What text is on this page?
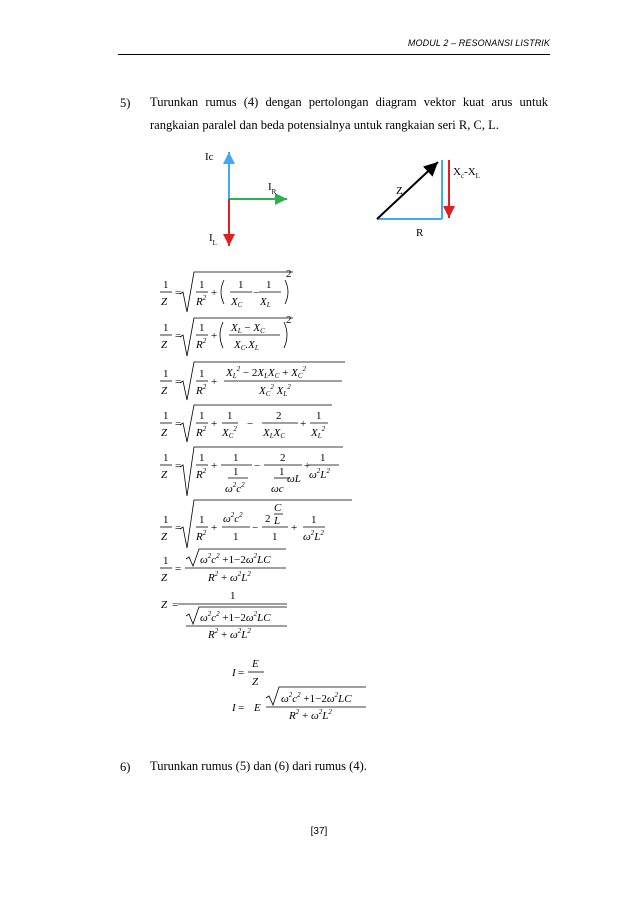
MODUL 2 – RESONANSI LISTRIK
5) Turunkan rumus (4) dengan pertolongan diagram vektor kuat arus untuk
rangkaian paralel dan beda potensialnya untuk rangkaian seri R, C, L.
Ic
$I_R$
$I_L$
Z
R
$X_c-X_L$
1
Z
=
1
$R^2$ +
1
XC
−
1
XL
2
1
Z
=
1
$R^2$ +
XL − XC
XC.XL
2
1
Z
=
1
$R^2$ +
$XL^2$ − 2XLXC + $XC^2$
$XC^2$ $XL^2$
1
Z
=
1
$R^2$ +
1
$XC^2$ −
2
XLXC
+
1
$XL^2$
1
Z
=
1
$R^2$ +
1
1
$\omega^2c^2$
−
2
1
ωc
ωL
+
1
$\omega^2L^2$
1
Z
=
1
$R^2$ +
$\omega^2c^2$
1
−
C
2 L
1
+
1
$\omega^2L^2$
1
Z
=
$\omega^2c^2 +1-2\omega^2LC$
$R^2 + \omega^2L^2$
Z =
1
$\omega^2c^2 +1-2\omega^2LC$
$R^2 + \omega^2L^2$
I =
E
Z
I = E
$\omega^2c^2 +1-2\omega^2LC$
$R^2 + \omega^2L^2$
6) Turunkan rumus (5) dan (6) dari rumus (4).
[37]
